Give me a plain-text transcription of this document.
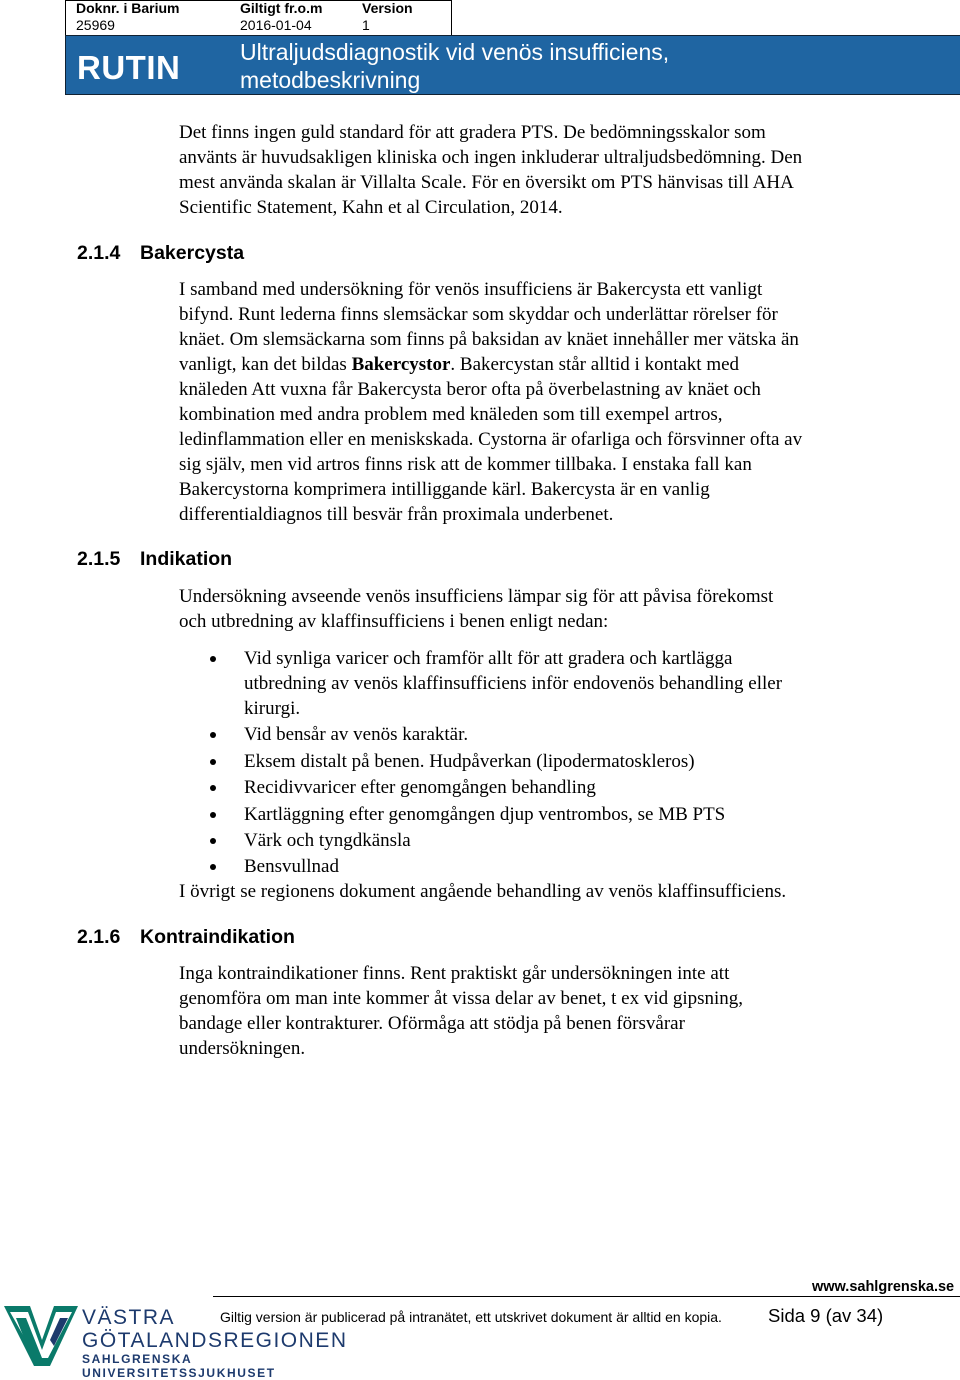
Doknr. i Barium
25969
Giltigt fr.o.m
2016-01-04
Version
1
RUTIN	Ultraljudsdiagnostik vid venös insufficiens,
metodbeskrivning
Det finns ingen guld standard för att gradera PTS. De bedömningsskalor som
använts är huvudsakligen kliniska och ingen inkluderar ultraljudsbedömning. Den
mest använda skalan är Villalta Scale. För en översikt om PTS hänvisas till AHA
Scientific Statement, Kahn et al Circulation, 2014.
2.1.4 Bakercysta
I samband med undersökning för venös insufficiens är Bakercysta ett vanligt
bifynd. Runt lederna finns slemsäckar som skyddar och underlättar rörelser för
knäet. Om slemsäckarna som finns på baksidan av knäet innehåller mer vätska än
vanligt, kan det bildas Bakercystor. Bakercystan står alltid i kontakt med
knäleden Att vuxna får Bakercysta beror ofta på överbelastning av knäet och
kombination med andra problem med knäleden som till exempel artros,
ledinflammation eller en meniskskada. Cystorna är ofarliga och försvinner ofta av
sig själv, men vid artros finns risk att de kommer tillbaka. I enstaka fall kan
Bakercystorna komprimera intilliggande kärl. Bakercysta är en vanlig
differentialdiagnos till besvär från proximala underbenet.
2.1.5 Indikation
Undersökning avseende venös insufficiens lämpar sig för att påvisa förekomst
och utbredning av klaffinsufficiens i benen enligt nedan:
Vid synliga varicer och framför allt för att gradera och kartlägga
utbredning av venös klaffinsufficiens inför endovenös behandling eller
kirurgi.
Vid bensår av venös karaktär.
Eksem distalt på benen. Hudpåverkan (lipodermatoskleros)
Recidivvaricer efter genomgången behandling
Kartläggning efter genomgången djup ventrombos, se MB PTS
Värk och tyngdkänsla
Bensvullnad
I övrigt se regionens dokument angående behandling av venös klaffinsufficiens.
2.1.6 Kontraindikation
Inga kontraindikationer finns. Rent praktiskt går undersökningen inte att
genomföra om man inte kommer åt vissa delar av benet, t ex vid gipsning,
bandage eller kontrakturer. Oförmåga att stödja på benen försvårar
undersökningen.
www.sahlgrenska.se
Giltig version är publicerad på intranätet, ett utskrivet dokument är alltid en kopia. Sida 9 (av 34)
VÄSTRA
GÖTALANDSREGIONEN
SAHLGRENSKA UNIVERSITETSSJUKHUSET
